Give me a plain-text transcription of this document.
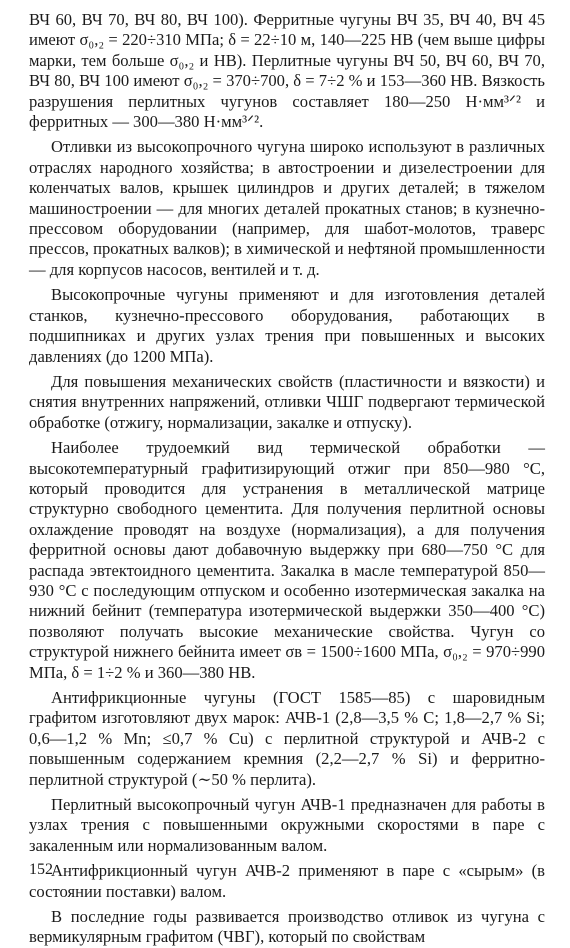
ВЧ 60, ВЧ 70, ВЧ 80, ВЧ 100). Ферритные чугуны ВЧ 35, ВЧ 40, ВЧ 45 имеют σ₀,₂ = 220÷310 МПа; δ = 22÷10 м, 140—225 НВ (чем выше цифры марки, тем больше σ₀,₂ и НВ). Перлитные чугуны ВЧ 50, ВЧ 60, ВЧ 70, ВЧ 80, ВЧ 100 имеют σ₀,₂ = 370÷700, δ = 7÷2 % и 153—360 НВ. Вязкость разрушения перлитных чугунов составляет 180—250 Н·мм³ᐟ² и ферритных — 300—380 Н·мм³ᐟ².

Отливки из высокопрочного чугуна широко используют в различных отраслях народного хозяйства; в автостроении и дизелестроении для коленчатых валов, крышек цилиндров и других деталей; в тяжелом машиностроении — для многих деталей прокатных станов; в кузнечно-прессовом оборудовании (например, для шабот-молотов, траверс прессов, прокатных валков); в химической и нефтяной промышленности — для корпусов насосов, вентилей и т. д.

Высокопрочные чугуны применяют и для изготовления деталей станков, кузнечно-прессового оборудования, работающих в подшипниках и других узлах трения при повышенных и высоких давлениях (до 1200 МПа).

Для повышения механических свойств (пластичности и вязкости) и снятия внутренних напряжений, отливки ЧШГ подвергают термической обработке (отжигу, нормализации, закалке и отпуску).

Наиболее трудоемкий вид термической обработки — высокотемпературный графитизирующий отжиг при 850—980 °С, который проводится для устранения в металлической матрице структурно свободного цементита. Для получения перлитной основы охлаждение проводят на воздухе (нормализация), а для получения ферритной основы дают добавочную выдержку при 680—750 °С для распада эвтектоидного цементита. Закалка в масле температурой 850—930 °С с последующим отпуском и особенно изотермическая закалка на нижний бейнит (температура изотермической выдержки 350—400 °С) позволяют получать высокие механические свойства. Чугун со структурой нижнего бейнита имеет σв = 1500÷1600 МПа, σ₀,₂ = 970÷990 МПа, δ = 1÷2 % и 360—380 НВ.

Антифрикционные чугуны (ГОСТ 1585—85) с шаровидным графитом изготовляют двух марок: АЧВ-1 (2,8—3,5 % С; 1,8—2,7 % Si; 0,6—1,2 % Mn; ≤0,7 % Cu) с перлитной структурой и АЧВ-2 с повышенным содержанием кремния (2,2—2,7 % Si) и ферритно-перлитной структурой (∼50 % перлита).

Перлитный высокопрочный чугун АЧВ-1 предназначен для работы в узлах трения с повышенными окружными скоростями в паре с закаленным или нормализованным валом.

Антифрикционный чугун АЧВ-2 применяют в паре с «сырым» (в состоянии поставки) валом.

В последние годы развивается производство отливок из чугуна с вермикулярным графитом (ЧВГ), который по свойствам

152
